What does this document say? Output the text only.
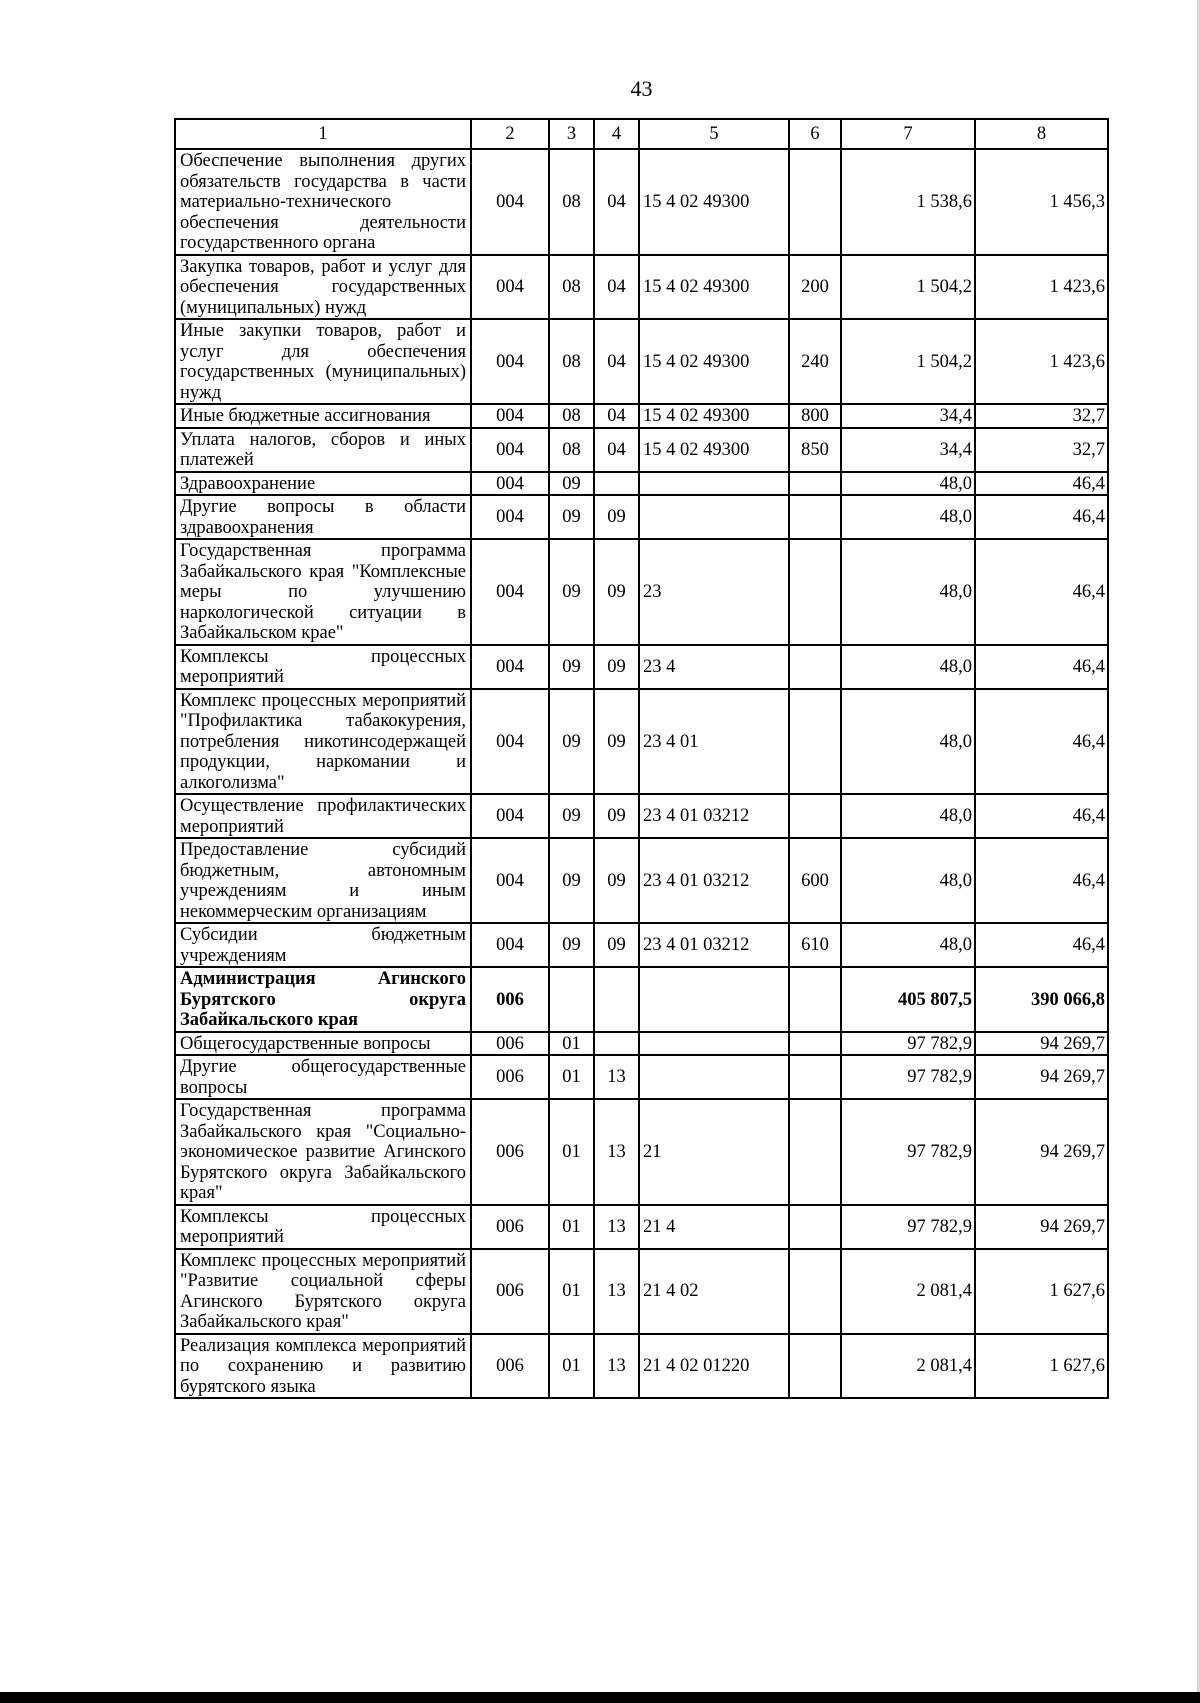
43
1	2	3	4	5	6	7	8
Обеспечение выполнения других обязательств государства в части материально-технического обеспечения деятельности государственного органа	004	08	04	15 4 02 49300		1 538,6	1 456,3
Закупка товаров, работ и услуг для обеспечения государственных (муниципальных) нужд	004	08	04	15 4 02 49300	200	1 504,2	1 423,6
Иные закупки товаров, работ и услуг для обеспечения государственных (муниципальных) нужд	004	08	04	15 4 02 49300	240	1 504,2	1 423,6
Иные бюджетные ассигнования	004	08	04	15 4 02 49300	800	34,4	32,7
Уплата налогов, сборов и иных платежей	004	08	04	15 4 02 49300	850	34,4	32,7
Здравоохранение	004	09				48,0	46,4
Другие вопросы в области здравоохранения	004	09	09			48,0	46,4
Государственная программа Забайкальского края "Комплексные меры по улучшению наркологической ситуации в Забайкальском крае"	004	09	09	23		48,0	46,4
Комплексы процессных мероприятий	004	09	09	23 4		48,0	46,4
Комплекс процессных мероприятий "Профилактика табакокурения, потребления никотинсодержащей продукции, наркомании и алкоголизма"	004	09	09	23 4 01		48,0	46,4
Осуществление профилактических мероприятий	004	09	09	23 4 01 03212		48,0	46,4
Предоставление субсидий бюджетным, автономным учреждениям и иным некоммерческим организациям	004	09	09	23 4 01 03212	600	48,0	46,4
Субсидии бюджетным учреждениям	004	09	09	23 4 01 03212	610	48,0	46,4
Администрация Агинского Бурятского округа Забайкальского края	006					405 807,5	390 066,8
Общегосударственные вопросы	006	01				97 782,9	94 269,7
Другие общегосударственные вопросы	006	01	13			97 782,9	94 269,7
Государственная программа Забайкальского края "Социально-экономическое развитие Агинского Бурятского округа Забайкальского края"	006	01	13	21		97 782,9	94 269,7
Комплексы процессных мероприятий	006	01	13	21 4		97 782,9	94 269,7
Комплекс процессных мероприятий "Развитие социальной сферы Агинского Бурятского округа Забайкальского края"	006	01	13	21 4 02		2 081,4	1 627,6
Реализация комплекса мероприятий по сохранению и развитию бурятского языка	006	01	13	21 4 02 01220		2 081,4	1 627,6
